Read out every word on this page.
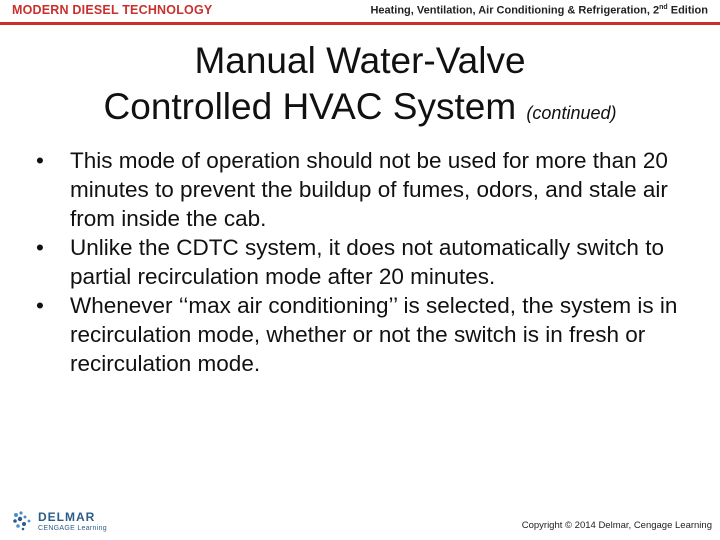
MODERN DIESEL TECHNOLOGY	Heating, Ventilation, Air Conditioning & Refrigeration, 2nd Edition
Manual Water-Valve
Controlled HVAC System (continued)
• This mode of operation should not be used for more than 20 minutes to prevent the buildup of fumes, odors, and stale air from inside the cab.
• Unlike the CDTC system, it does not automatically switch to partial recirculation mode after 20 minutes.
• Whenever ‘‘max air conditioning’’ is selected, the system is in recirculation mode, whether or not the switch is in fresh or recirculation mode.
DELMAR
CENGAGE Learning	Copyright © 2014 Delmar, Cengage Learning
